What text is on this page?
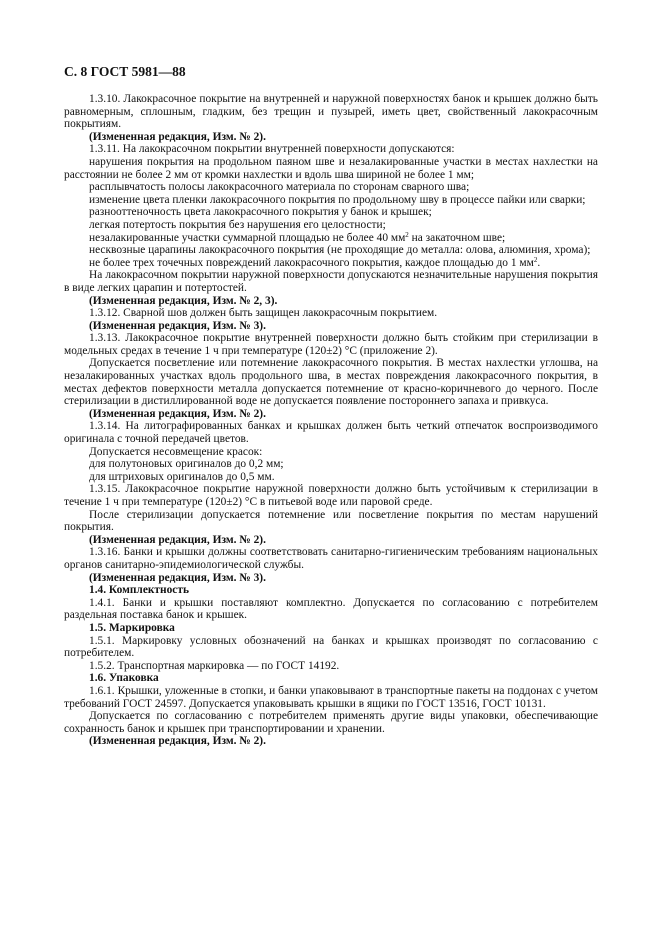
С. 8 ГОСТ 5981—88

1.3.10. Лакокрасочное покрытие на внутренней и наружной поверхностях банок и крышек должно быть равномерным, сплошным, гладким, без трещин и пузырей, иметь цвет, свойственный лакокрасочным покрытиям.

(Измененная редакция, Изм. № 2).

1.3.11. На лакокрасочном покрытии внутренней поверхности допускаются:

нарушения покрытия на продольном паяном шве и незалакированные участки в местах нахлестки на расстоянии не более 2 мм от кромки нахлестки и вдоль шва шириной не более 1 мм;

расплывчатость полосы лакокрасочного материала по сторонам сварного шва;

изменение цвета пленки лакокрасочного покрытия по продольному шву в процессе пайки или сварки;

разнооттеночность цвета лакокрасочного покрытия у банок и крышек;

легкая потертость покрытия без нарушения его целостности;

незалакированные участки суммарной площадью не более 40 $мм^2$ на закаточном шве;

несквозные царапины лакокрасочного покрытия (не проходящие до металла: олова, алюминия, хрома);

не более трех точечных повреждений лакокрасочного покрытия, каждое площадью до 1 $мм^2$.

На лакокрасочном покрытии наружной поверхности допускаются незначительные нарушения покрытия в виде легких царапин и потертостей.

(Измененная редакция, Изм. № 2, 3).

1.3.12. Сварной шов должен быть защищен лакокрасочным покрытием.

(Измененная редакция, Изм. № 3).

1.3.13. Лакокрасочное покрытие внутренней поверхности должно быть стойким при стерилизации в модельных средах в течение 1 ч при температуре (120±2) °С (приложение 2).

Допускается посветление или потемнение лакокрасочного покрытия. В местах нахлестки углошва, на незалакированных участках вдоль продольного шва, в местах повреждения лакокрасочного покрытия, в местах дефектов поверхности металла допускается потемнение от красно-коричневого до черного. После стерилизации в дистиллированной воде не допускается появление постороннего запаха и привкуса.

(Измененная редакция, Изм. № 2).

1.3.14. На литографированных банках и крышках должен быть четкий отпечаток воспроизводимого оригинала с точной передачей цветов.

Допускается несовмещение красок:

для полутоновых оригиналов до 0,2 мм;

для штриховых оригиналов до 0,5 мм.

1.3.15. Лакокрасочное покрытие наружной поверхности должно быть устойчивым к стерилизации в течение 1 ч при температуре (120±2) °С в питьевой воде или паровой среде.

После стерилизации допускается потемнение или посветление покрытия по местам нарушений покрытия.

(Измененная редакция, Изм. № 2).

1.3.16. Банки и крышки должны соответствовать санитарно-гигиеническим требованиям национальных органов санитарно-эпидемиологической службы.

(Измененная редакция, Изм. № 3).

1.4. Комплектность

1.4.1. Банки и крышки поставляют комплектно. Допускается по согласованию с потребителем раздельная поставка банок и крышек.

1.5. Маркировка

1.5.1. Маркировку условных обозначений на банках и крышках производят по согласованию с потребителем.

1.5.2. Транспортная маркировка — по ГОСТ 14192.

1.6. Упаковка

1.6.1. Крышки, уложенные в стопки, и банки упаковывают в транспортные пакеты на поддонах с учетом требований ГОСТ 24597. Допускается упаковывать крышки в ящики по ГОСТ 13516, ГОСТ 10131.

Допускается по согласованию с потребителем применять другие виды упаковки, обеспечивающие сохранность банок и крышек при транспортировании и хранении.

(Измененная редакция, Изм. № 2).
